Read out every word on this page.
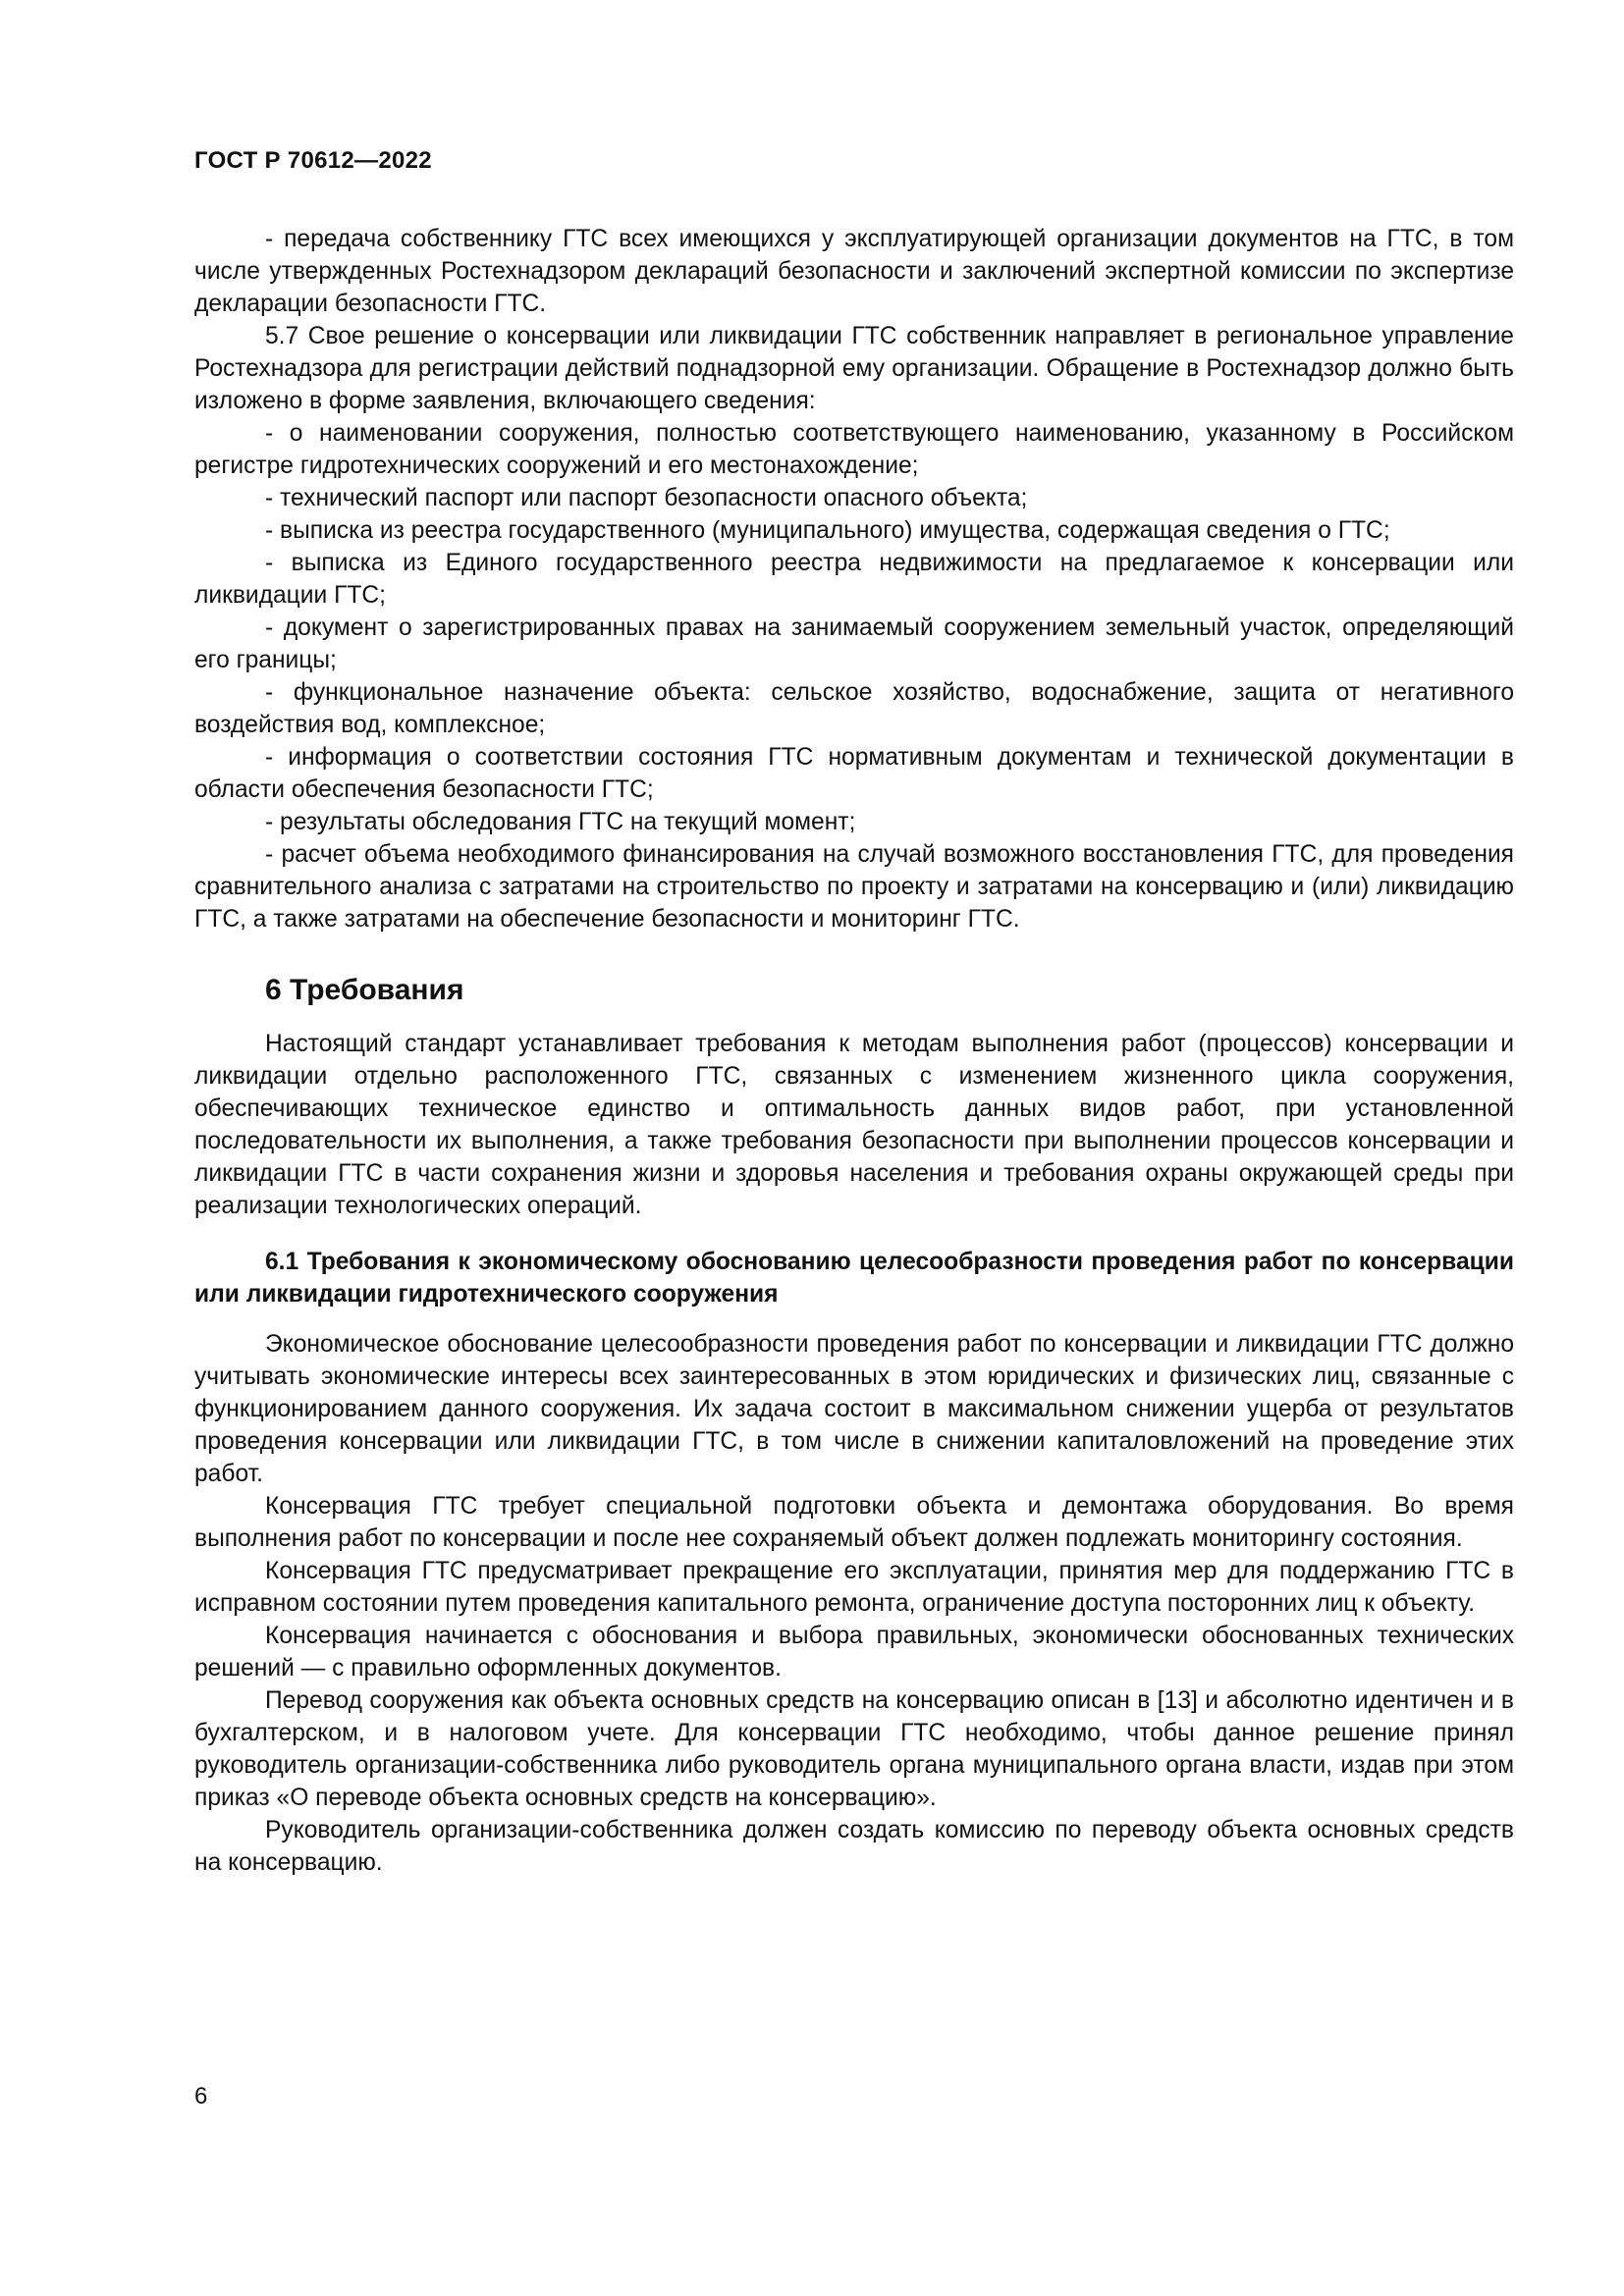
ГОСТ Р 70612—2022

- передача собственнику ГТС всех имеющихся у эксплуатирующей организации документов на ГТС, в том числе утвержденных Ростехнадзором деклараций безопасности и заключений экспертной комиссии по экспертизе декларации безопасности ГТС.

5.7 Свое решение о консервации или ликвидации ГТС собственник направляет в региональное управление Ростехнадзора для регистрации действий поднадзорной ему организации. Обращение в Ростехнадзор должно быть изложено в форме заявления, включающего сведения:

- о наименовании сооружения, полностью соответствующего наименованию, указанному в Российском регистре гидротехнических сооружений и его местонахождение;

- технический паспорт или паспорт безопасности опасного объекта;

- выписка из реестра государственного (муниципального) имущества, содержащая сведения о ГТС;

- выписка из Единого государственного реестра недвижимости на предлагаемое к консервации или ликвидации ГТС;

- документ о зарегистрированных правах на занимаемый сооружением земельный участок, определяющий его границы;

- функциональное назначение объекта: сельское хозяйство, водоснабжение, защита от негативного воздействия вод, комплексное;

- информация о соответствии состояния ГТС нормативным документам и технической документации в области обеспечения безопасности ГТС;

- результаты обследования ГТС на текущий момент;

- расчет объема необходимого финансирования на случай возможного восстановления ГТС, для проведения сравнительного анализа с затратами на строительство по проекту и затратами на консервацию и (или) ликвидацию ГТС, а также затратами на обеспечение безопасности и мониторинг ГТС.

6 Требования

Настоящий стандарт устанавливает требования к методам выполнения работ (процессов) консервации и ликвидации отдельно расположенного ГТС, связанных с изменением жизненного цикла сооружения, обеспечивающих техническое единство и оптимальность данных видов работ, при установленной последовательности их выполнения, а также требования безопасности при выполнении процессов консервации и ликвидации ГТС в части сохранения жизни и здоровья населения и требования охраны окружающей среды при реализации технологических операций.

6.1 Требования к экономическому обоснованию целесообразности проведения работ по консервации или ликвидации гидротехнического сооружения

Экономическое обоснование целесообразности проведения работ по консервации и ликвидации ГТС должно учитывать экономические интересы всех заинтересованных в этом юридических и физических лиц, связанные с функционированием данного сооружения. Их задача состоит в максимальном снижении ущерба от результатов проведения консервации или ликвидации ГТС, в том числе в снижении капиталовложений на проведение этих работ.

Консервация ГТС требует специальной подготовки объекта и демонтажа оборудования. Во время выполнения работ по консервации и после нее сохраняемый объект должен подлежать мониторингу состояния.

Консервация ГТС предусматривает прекращение его эксплуатации, принятия мер для поддержанию ГТС в исправном состоянии путем проведения капитального ремонта, ограничение доступа посторонних лиц к объекту.

Консервация начинается с обоснования и выбора правильных, экономически обоснованных технических решений — с правильно оформленных документов.

Перевод сооружения как объекта основных средств на консервацию описан в [13] и абсолютно идентичен и в бухгалтерском, и в налоговом учете. Для консервации ГТС необходимо, чтобы данное решение принял руководитель организации-собственника либо руководитель органа муниципального органа власти, издав при этом приказ «О переводе объекта основных средств на консервацию».

Руководитель организации-собственника должен создать комиссию по переводу объекта основных средств на консервацию.

6
